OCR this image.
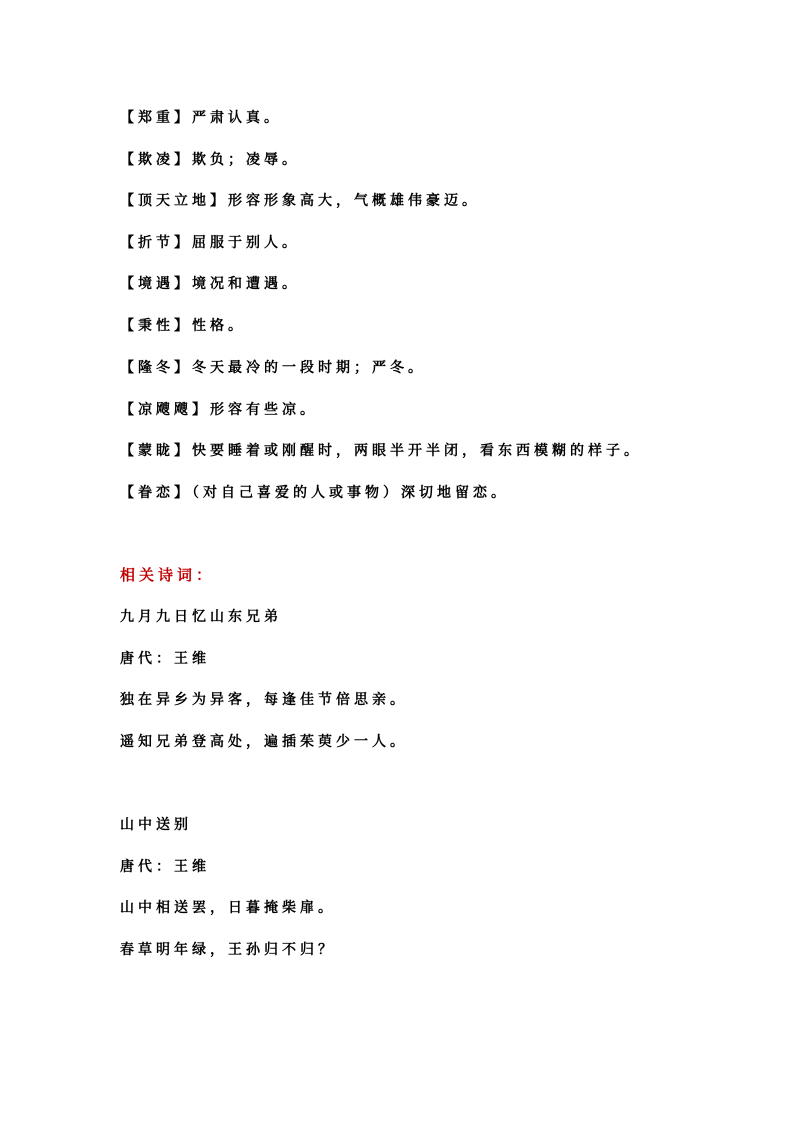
【郑重】严肃认真。
【欺凌】欺负；凌辱。
【顶天立地】形容形象高大，气概雄伟豪迈。
【折节】屈服于别人。
【境遇】境况和遭遇。
【秉性】性格。
【隆冬】冬天最冷的一段时期；严冬。
【凉飕飕】形容有些凉。
【蒙眬】快要睡着或刚醒时，两眼半开半闭，看东西模糊的样子。
【眷恋】（对自己喜爱的人或事物）深切地留恋。
相关诗词：
九月九日忆山东兄弟
唐代：王维
独在异乡为异客，每逢佳节倍思亲。
遥知兄弟登高处，遍插茱萸少一人。
山中送别
唐代：王维
山中相送罢，日暮掩柴扉。
春草明年绿，王孙归不归？
